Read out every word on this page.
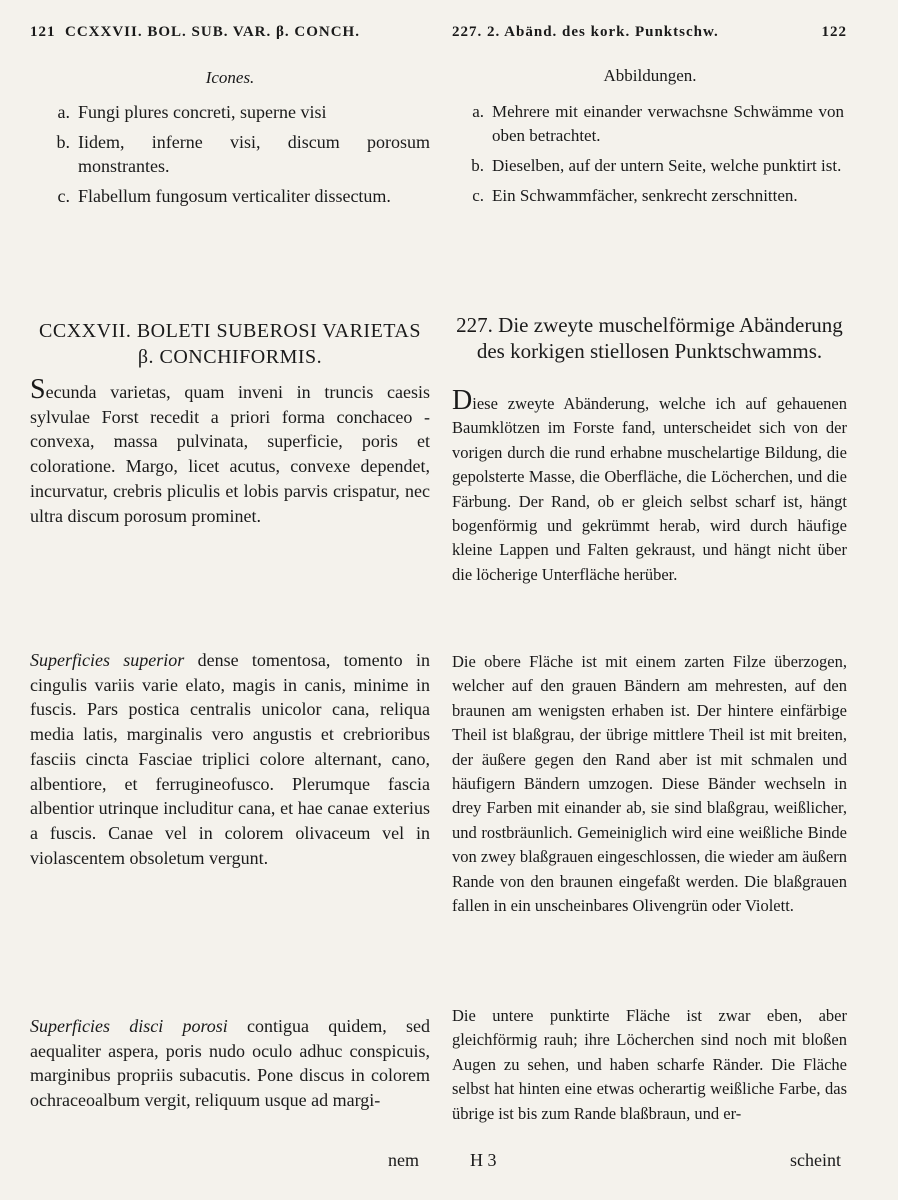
121 CCXXVII. BOL. SUB. VAR. β. CONCH.	227. 2. Abänd. des kork. Punktschw.	122
Icones.	Abbildungen.
a. Fungi plures concreti, superne visi
b. Iidem, inferne visi, discum porosum monstrantes.
c. Flabellum fungosum verticaliter dissectum.
a. Mehrere mit einander verwachsne Schwämme von oben betrachtet.
b. Dieselben, auf der untern Seite, welche punktirt ist.
c. Ein Schwammfächer, senkrecht zerschnitten.
CCXXVII. BOLETI SUBEROSI VARIETAS β. CONCHIFORMIS.
227. Die zweyte muschelförmige Abänderung des korkigen stiellosen Punktschwamms.

Secunda varietas, quam inveni in truncis caesis sylvulae Forst recedit a priori forma conchaceo - convexa, massa pulvinata, superficie, poris et coloratione. Margo, licet acutus, convexe dependet, incurvatur, crebris pliculis et lobis parvis crispatur, nec ultra discum porosum prominet.

Superficies superior dense tomentosa, tomento in cingulis variis varie elato, magis in canis, minime in fuscis. Pars postica centralis unicolor cana, reliqua media latis, marginalis vero angustis et crebrioribus fasciis cincta Fasciae triplici colore alternant, cano, albentiore, et ferrugineofusco. Plerumque fascia albentior utrinque includitur cana, et hae canae exterius a fuscis. Canae vel in colorem olivaceum vel in violascentem obsoletum vergunt.

Superficies disci porosi contigua quidem, sed aequaliter aspera, poris nudo oculo adhuc conspicuis, marginibus propriis subacutis. Pone discus in colorem ochraceoalbum vergit, reliquum usque ad margi-

nem

Diese zweyte Abänderung, welche ich auf gehauenen Baumklötzen im Forste fand, unterscheidet sich von der vorigen durch die rund erhabne muschelartige Bildung, die gepolsterte Masse, die Oberfläche, die Löcherchen, und die Färbung. Der Rand, ob er gleich selbst scharf ist, hängt bogenförmig und gekrümmt herab, wird durch häufige kleine Lappen und Falten gekraust, und hängt nicht über die löcherige Unterfläche herüber.

Die obere Fläche ist mit einem zarten Filze überzogen, welcher auf den grauen Bändern am mehresten, auf den braunen am wenigsten erhaben ist. Der hintere einfärbige Theil ist blaßgrau, der übrige mittlere Theil ist mit breiten, der äußere gegen den Rand aber ist mit schmalen und häufigern Bändern umzogen. Diese Bänder wechseln in drey Farben mit einander ab, sie sind blaßgrau, weißlicher, und rostbräunlich. Gemeiniglich wird eine weißliche Binde von zwey blaßgrauen eingeschlossen, die wieder am äußern Rande von den braunen eingefaßt werden. Die blaßgrauen fallen in ein unscheinbares Olivengrün oder Violett.

Die untere punktirte Fläche ist zwar eben, aber gleichförmig rauh; ihre Löcherchen sind noch mit bloßen Augen zu sehen, und haben scharfe Ränder. Die Fläche selbst hat hinten eine etwas ocherartig weißliche Farbe, das übrige ist bis zum Rande blaßbraun, und er-

H 3	scheint
